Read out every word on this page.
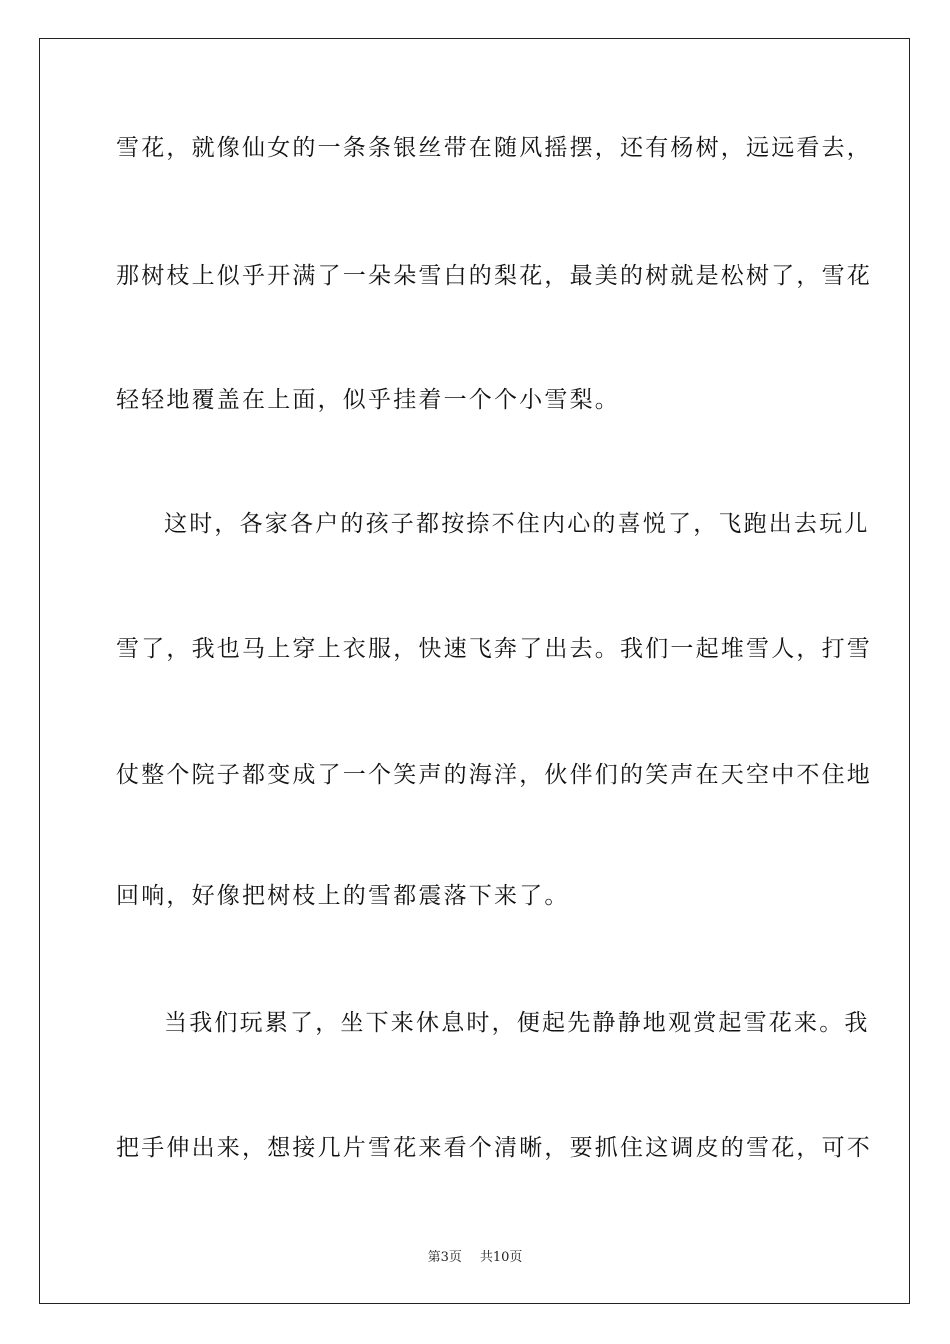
雪花，就像仙女的一条条银丝带在随风摇摆，还有杨树，远远看去，
那树枝上似乎开满了一朵朵雪白的梨花，最美的树就是松树了，雪花
轻轻地覆盖在上面，似乎挂着一个个小雪梨。
这时，各家各户的孩子都按捺不住内心的喜悦了，飞跑出去玩儿
雪了，我也马上穿上衣服，快速飞奔了出去。我们一起堆雪人，打雪
仗整个院子都变成了一个笑声的海洋，伙伴们的笑声在天空中不住地
回响，好像把树枝上的雪都震落下来了。
当我们玩累了，坐下来休息时，便起先静静地观赏起雪花来。我
把手伸出来，想接几片雪花来看个清晰，要抓住这调皮的雪花，可不
第3页 共10页
